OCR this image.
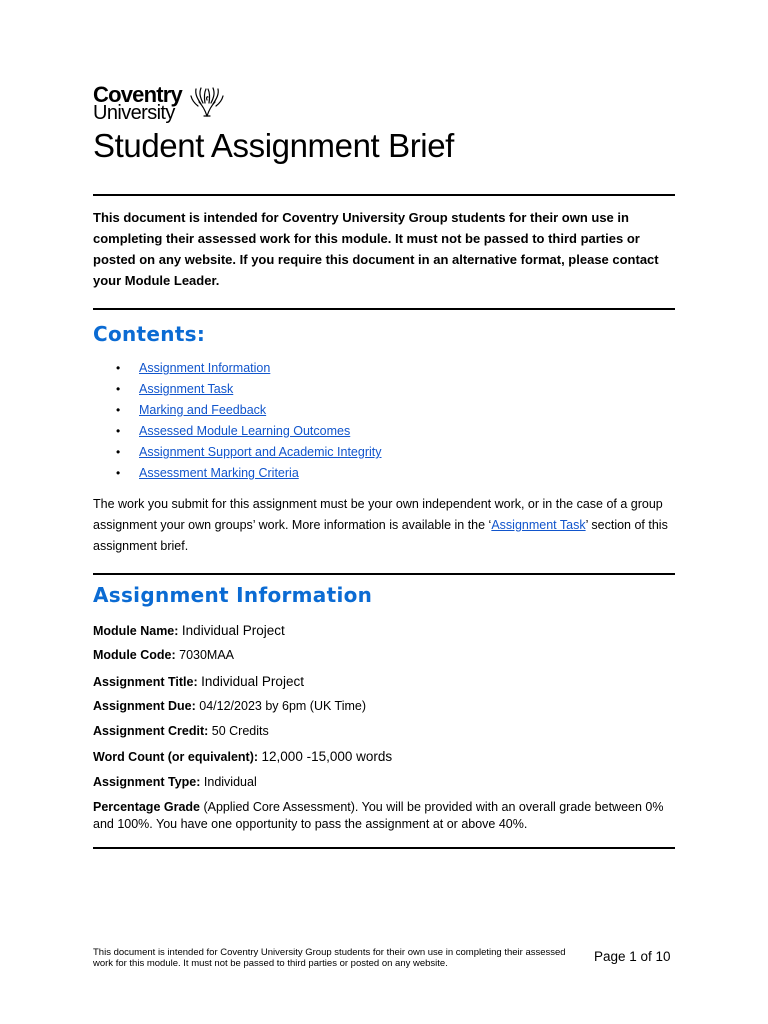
Coventry
University
Student Assignment Brief

This document is intended for Coventry University Group students for their own use in completing their assessed work for this module. It must not be passed to third parties or posted on any website. If you require this document in an alternative format, please contact your Module Leader.

Contents:
• Assignment Information
• Assignment Task
• Marking and Feedback
• Assessed Module Learning Outcomes
• Assignment Support and Academic Integrity
• Assessment Marking Criteria

The work you submit for this assignment must be your own independent work, or in the case of a group assignment your own groups’ work. More information is available in the ‘Assignment Task’ section of this assignment brief.

Assignment Information

Module Name: Individual Project

Module Code: 7030MAA

Assignment Title: Individual Project

Assignment Due: 04/12/2023 by 6pm (UK Time)

Assignment Credit: 50 Credits

Word Count (or equivalent): 12,000 -15,000 words

Assignment Type: Individual

Percentage Grade (Applied Core Assessment). You will be provided with an overall grade between 0% and 100%. You have one opportunity to pass the assignment at or above 40%.

This document is intended for Coventry University Group students for their own use in completing their assessed work for this module. It must not be passed to third parties or posted on any website.	Page 1 of 10
